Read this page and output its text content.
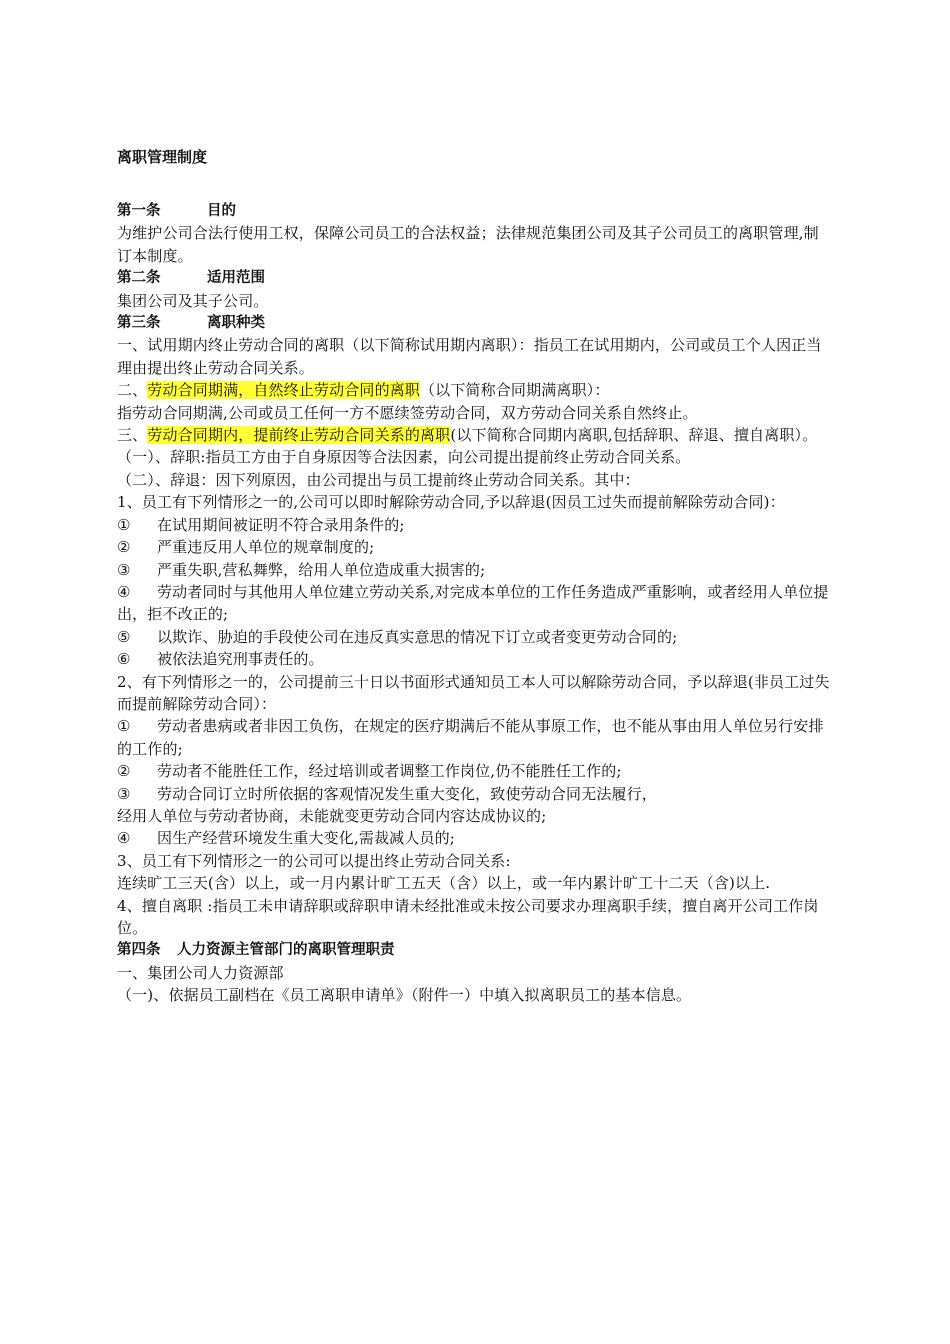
离职管理制度
第一条	目的

为维护公司合法行使用工权，保障公司员工的合法权益；法律规范集团公司及其子公司员工的离职管理,制订本制度。

第二条	适用范围

集团公司及其子公司。

第三条	离职种类

一、试用期内终止劳动合同的离职（以下简称试用期内离职）：指员工在试用期内，公司或员工个人因正当理由提出终止劳动合同关系。

二、劳动合同期满，自然终止劳动合同的离职（以下简称合同期满离职）：

指劳动合同期满,公司或员工任何一方不愿续签劳动合同，双方劳动合同关系自然终止。

三、劳动合同期内，提前终止劳动合同关系的离职(以下简称合同期内离职,包括辞职、辞退、擅自离职）。

（一）、辞职:指员工方由于自身原因等合法因素，向公司提出提前终止劳动合同关系。

（二）、辞退：因下列原因，由公司提出与员工提前终止劳动合同关系。其中：

1、员工有下列情形之一的,公司可以即时解除劳动合同,予以辞退(因员工过失而提前解除劳动合同)：

① 在试用期间被证明不符合录用条件的;

② 严重违反用人单位的规章制度的;

③ 严重失职,营私舞弊，给用人单位造成重大损害的;

④ 劳动者同时与其他用人单位建立劳动关系,对完成本单位的工作任务造成严重影响，或者经用人单位提出，拒不改正的;

⑤ 以欺诈、胁迫的手段使公司在违反真实意思的情况下订立或者变更劳动合同的;

⑥ 被依法追究刑事责任的。

2、有下列情形之一的，公司提前三十日以书面形式通知员工本人可以解除劳动合同，予以辞退(非员工过失而提前解除劳动合同）：

① 劳动者患病或者非因工负伤，在规定的医疗期满后不能从事原工作，也不能从事由用人单位另行安排的工作的;

② 劳动者不能胜任工作，经过培训或者调整工作岗位,仍不能胜任工作的;

③ 劳动合同订立时所依据的客观情况发生重大变化，致使劳动合同无法履行，

经用人单位与劳动者协商，未能就变更劳动合同内容达成协议的;

④ 因生产经营环境发生重大变化,需裁减人员的;

3、员工有下列情形之一的公司可以提出终止劳动合同关系:

连续旷工三天(含）以上，或一月内累计旷工五天（含）以上，或一年内累计旷工十二天（含)以上.

4、擅自离职 :指员工未申请辞职或辞职申请未经批准或未按公司要求办理离职手续，擅自离开公司工作岗位。

第四条 人力资源主管部门的离职管理职责

一、集团公司人力资源部

（一)、依据员工副档在《员工离职申请单》（附件一）中填入拟离职员工的基本信息。
